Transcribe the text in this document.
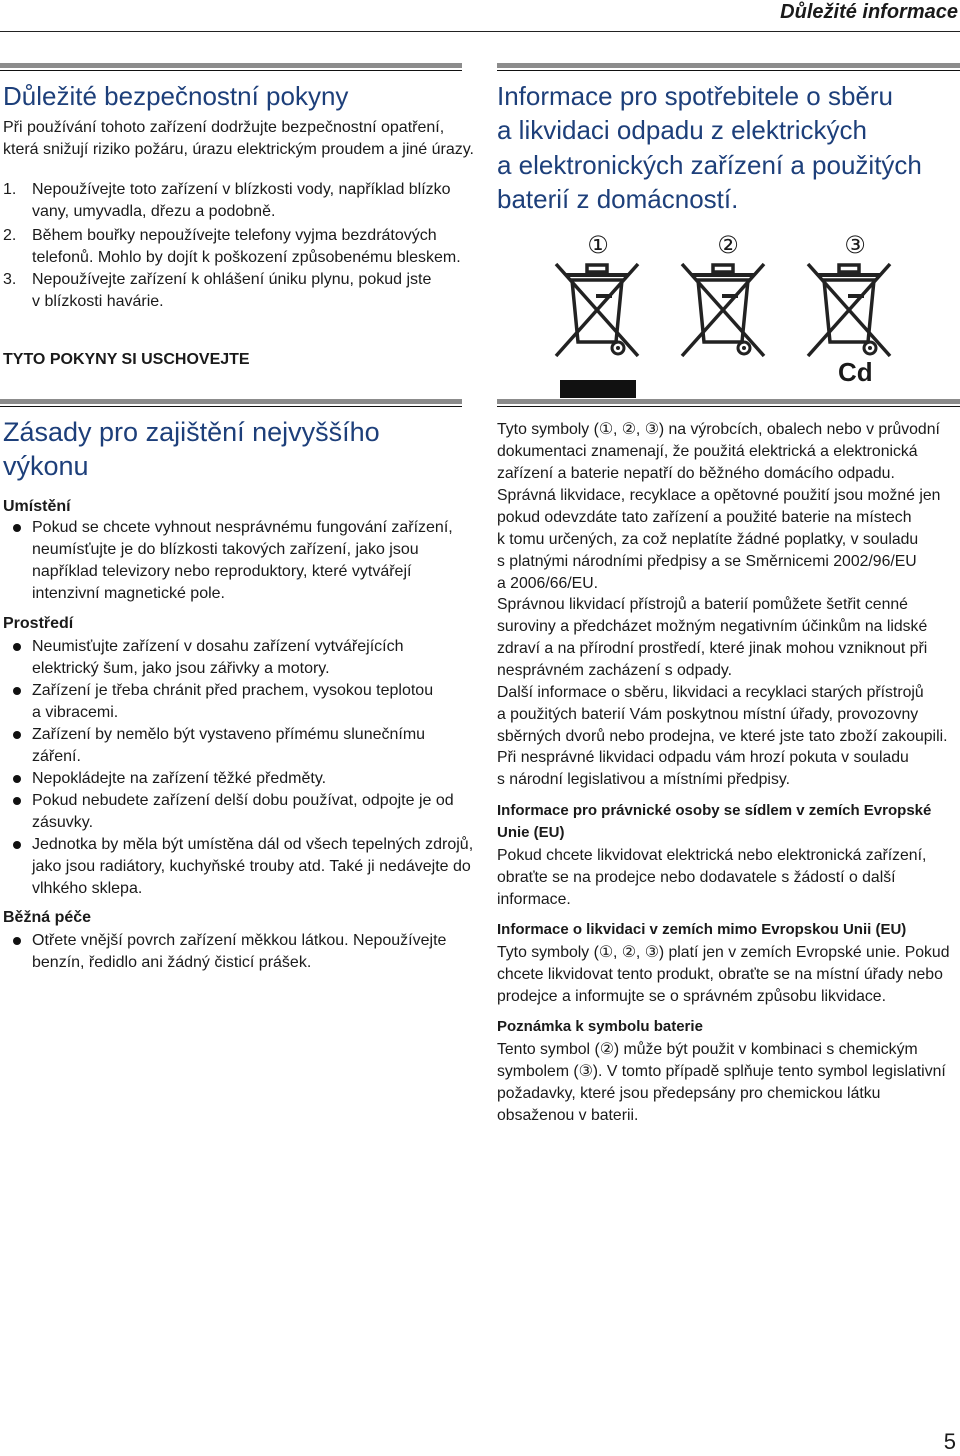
Důležité informace
Důležité bezpečnostní pokyny
Při používání tohoto zařízení dodržujte bezpečnostní opatření,
která snižují riziko požáru, úrazu elektrickým proudem a jiné úrazy.
1. Nepoužívejte toto zařízení v blízkosti vody, například blízko
vany, umyvadla, dřezu a podobně.
2. Během bouřky nepoužívejte telefony vyjma bezdrátových
telefonů. Mohlo by dojít k poškození způsobenému bleskem.
3. Nepoužívejte zařízení k ohlášení úniku plynu, pokud jste
v blízkosti havárie.
TYTO POKYNY SI USCHOVEJTE
Zásady pro zajištění nejvyššího
výkonu
Umístění
Pokud se chcete vyhnout nesprávnému fungování zařízení,
neumísťujte je do blízkosti takových zařízení, jako jsou
například televizory nebo reproduktory, které vytvářejí
intenzivní magnetické pole.
Prostředí
Neumisťujte zařízení v dosahu zařízení vytvářejících
elektrický šum, jako jsou zářivky a motory.
Zařízení je třeba chránit před prachem, vysokou teplotou
a vibracemi.
Zařízení by nemělo být vystaveno přímému slunečnímu
záření.
Nepokládejte na zařízení těžké předměty.
Pokud nebudete zařízení delší dobu používat, odpojte je od
zásuvky.
Jednotka by měla být umístěna dál od všech tepelných zdrojů,
jako jsou radiátory, kuchyňské trouby atd. Také ji nedávejte do
vlhkého sklepa.
Běžná péče
Otřete vnější povrch zařízení měkkou látkou. Nepoužívejte
benzín, ředidlo ani žádný čisticí prášek.
Informace pro spotřebitele o sběru
a likvidaci odpadu z elektrických
a elektronických zařízení a použitých
baterií z domácností.
①	②	③
Cd
Tyto symboly (①, ②, ③) na výrobcích, obalech nebo v průvodní
dokumentaci znamenají, že použitá elektrická a elektronická
zařízení a baterie nepatří do běžného domácího odpadu.
Správná likvidace, recyklace a opětovné použití jsou možné jen
pokud odevzdáte tato zařízení a použité baterie na místech
k tomu určených, za což neplatíte žádné poplatky, v souladu
s platnými národními předpisy a se Směrnicemi 2002/96/EU
a 2006/66/EU.
Správnou likvidací přístrojů a baterií pomůžete šetřit cenné
suroviny a předcházet možným negativním účinkům na lidské
zdraví a na přírodní prostředí, které jinak mohou vzniknout při
nesprávném zacházení s odpady.
Další informace o sběru, likvidaci a recyklaci starých přístrojů
a použitých baterií Vám poskytnou místní úřady, provozovny
sběrných dvorů nebo prodejna, ve které jste tato zboží zakoupili.
Při nesprávné likvidaci odpadu vám hrozí pokuta v souladu
s národní legislativou a místními předpisy.
Informace pro právnické osoby se sídlem v zemích Evropské
Unie (EU)
Pokud chcete likvidovat elektrická nebo elektronická zařízení,
obraťte se na prodejce nebo dodavatele s žádostí o další
informace.
Informace o likvidaci v zemích mimo Evropskou Unii (EU)
Tyto symboly (①, ②, ③) platí jen v zemích Evropské unie. Pokud
chcete likvidovat tento produkt, obraťte se na místní úřady nebo
prodejce a informujte se o správném způsobu likvidace.
Poznámka k symbolu baterie
Tento symbol (②) může být použit v kombinaci s chemickým
symbolem (③). V tomto případě splňuje tento symbol legislativní
požadavky, které jsou předepsány pro chemickou látku
obsaženou v baterii.
5
